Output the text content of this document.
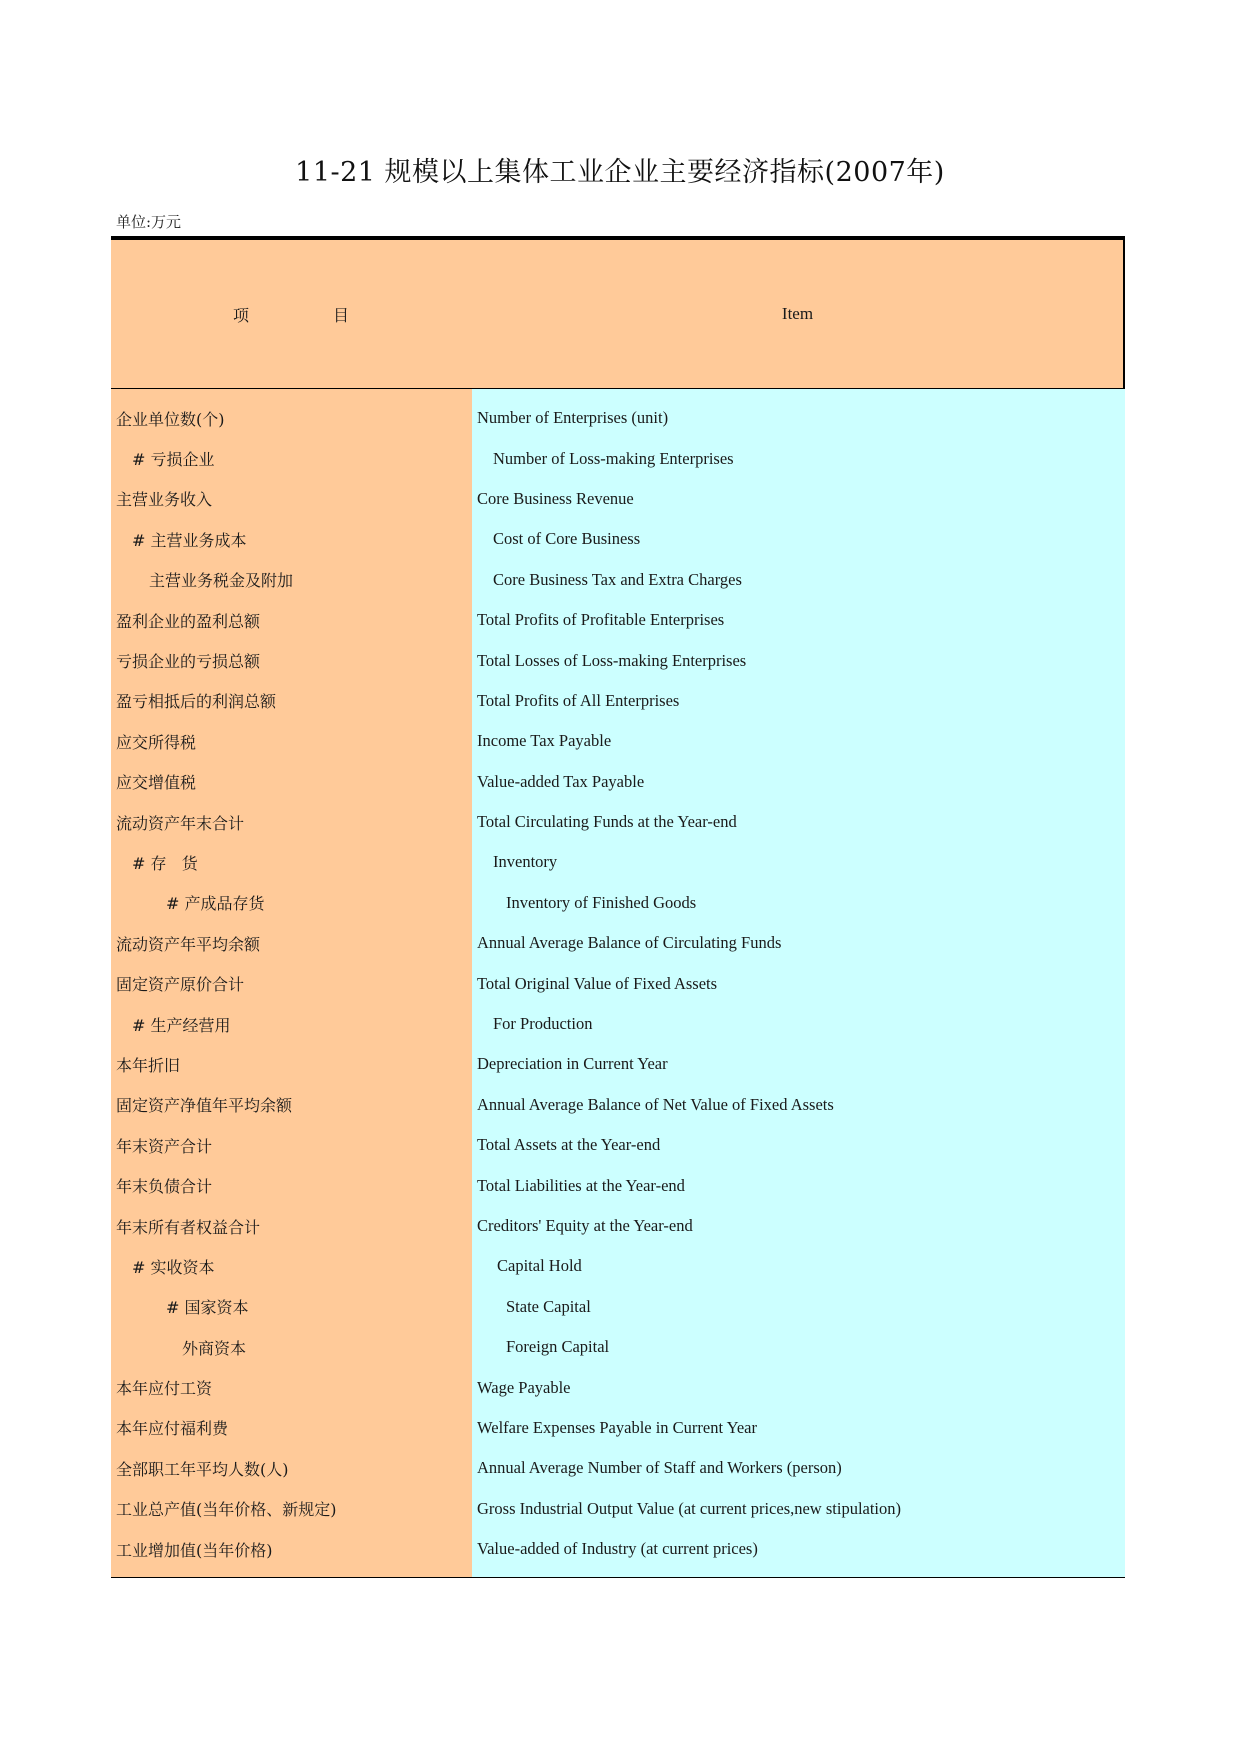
11-21 规模以上集体工业企业主要经济指标(2007年)
单位:万元
项	目	Item
企业单位数(个)
# 亏损企业
主营业务收入
# 主营业务成本
主营业务税金及附加
盈利企业的盈利总额
亏损企业的亏损总额
盈亏相抵后的利润总额
应交所得税
应交增值税
流动资产年末合计
# 存   货
# 产成品存货
流动资产年平均余额
固定资产原价合计
# 生产经营用
本年折旧
固定资产净值年平均余额
年末资产合计
年末负债合计
年末所有者权益合计
# 实收资本
# 国家资本
外商资本
本年应付工资
本年应付福利费
全部职工年平均人数(人)
工业总产值(当年价格、新规定)
工业增加值(当年价格)
Number of Enterprises (unit)
Number of Loss-making Enterprises
Core Business Revenue
Cost of Core Business
Core Business Tax and Extra Charges
Total Profits of Profitable Enterprises
Total Losses of Loss-making Enterprises
Total Profits of All Enterprises
Income Tax Payable
Value-added Tax Payable
Total Circulating Funds at the Year-end
Inventory
Inventory of Finished Goods
Annual Average Balance of Circulating Funds
Total Original Value of Fixed Assets
For Production
Depreciation in Current Year
Annual Average Balance of Net Value of Fixed Assets
Total Assets at the Year-end
Total Liabilities at the Year-end
Creditors' Equity at the Year-end
Capital Hold
State Capital
Foreign Capital
Wage Payable
Welfare Expenses Payable in Current Year
Annual Average Number of Staff and Workers (person)
Gross Industrial Output Value (at current prices,new stipulation)
Value-added of Industry (at current prices)
